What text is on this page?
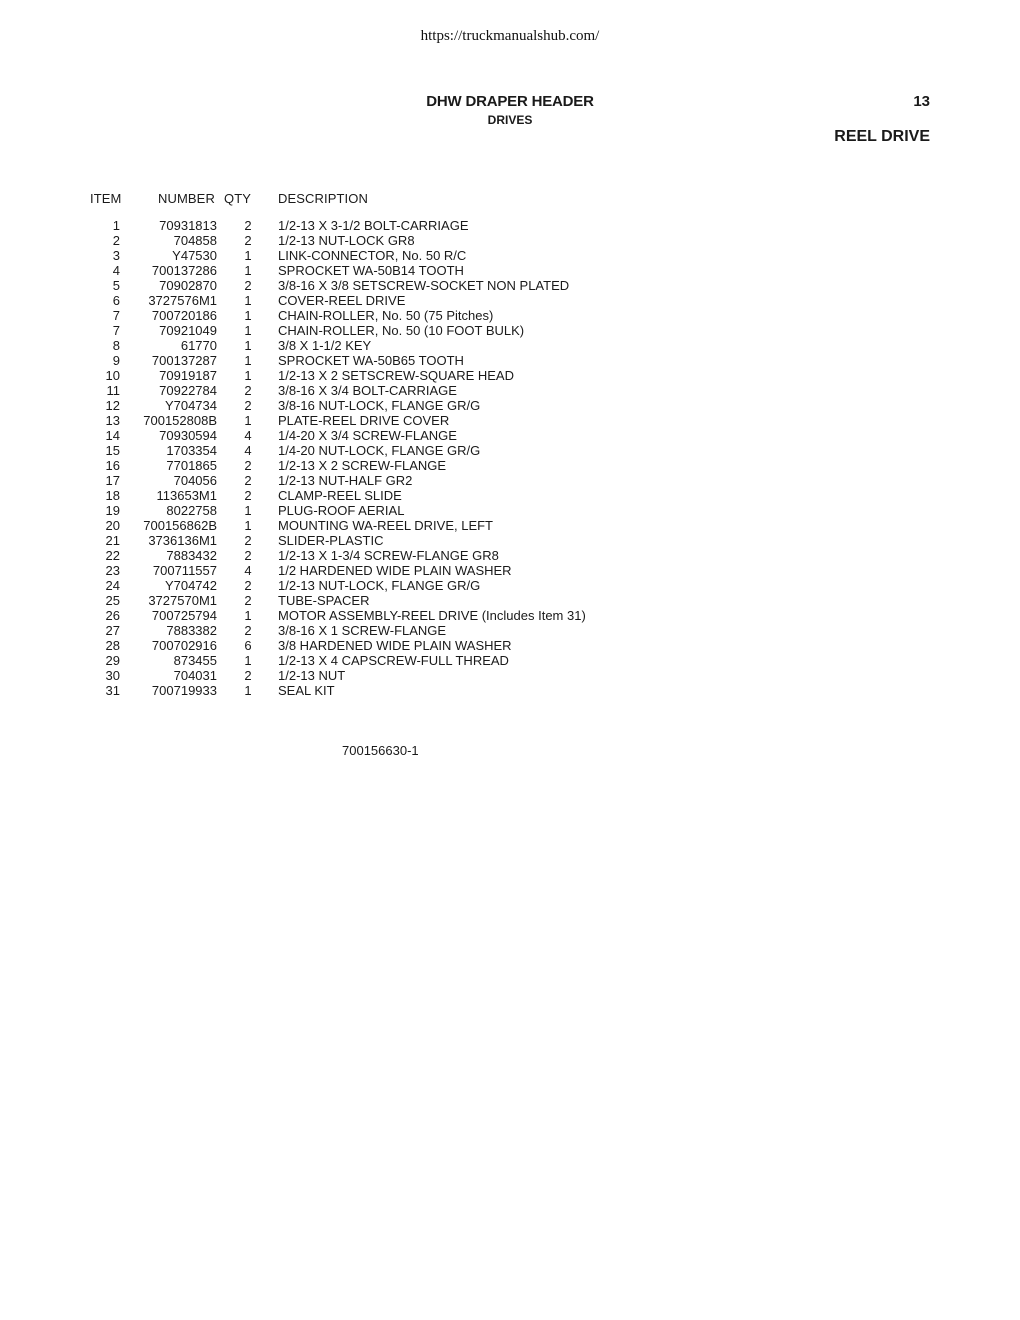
https://truckmanualshub.com/
DHW DRAPER HEADER
DRIVES
13
REEL DRIVE
ITEM	NUMBER QTY DESCRIPTION
1	70931813	2	1/2-13 X 3-1/2 BOLT-CARRIAGE
2	704858	2	1/2-13 NUT-LOCK GR8
3	Y47530	1	LINK-CONNECTOR, No. 50 R/C
4	700137286	1	SPROCKET WA-50B14 TOOTH
5	70902870	2	3/8-16 X 3/8 SETSCREW-SOCKET NON PLATED
6	3727576M1	1	COVER-REEL DRIVE
7	700720186	1	CHAIN-ROLLER, No. 50 (75 Pitches)
7	70921049	1	CHAIN-ROLLER, No. 50 (10 FOOT BULK)
8	61770	1	3/8 X 1-1/2 KEY
9	700137287	1	SPROCKET WA-50B65 TOOTH
10	70919187	1	1/2-13 X 2 SETSCREW-SQUARE HEAD
11	70922784	2	3/8-16 X 3/4 BOLT-CARRIAGE
12	Y704734	2	3/8-16 NUT-LOCK, FLANGE GR/G
13	700152808B	1	PLATE-REEL DRIVE COVER
14	70930594	4	1/4-20 X 3/4 SCREW-FLANGE
15	1703354	4	1/4-20 NUT-LOCK, FLANGE GR/G
16	7701865	2	1/2-13 X 2 SCREW-FLANGE
17	704056	2	1/2-13 NUT-HALF GR2
18	113653M1	2	CLAMP-REEL SLIDE
19	8022758	1	PLUG-ROOF AERIAL
20	700156862B	1	MOUNTING WA-REEL DRIVE, LEFT
21	3736136M1	2	SLIDER-PLASTIC
22	7883432	2	1/2-13 X 1-3/4 SCREW-FLANGE GR8
23	700711557	4	1/2 HARDENED WIDE PLAIN WASHER
24	Y704742	2	1/2-13 NUT-LOCK, FLANGE GR/G
25	3727570M1	2	TUBE-SPACER
26	700725794	1	MOTOR ASSEMBLY-REEL DRIVE (Includes Item 31)
27	7883382	2	3/8-16 X 1 SCREW-FLANGE
28	700702916	6	3/8 HARDENED WIDE PLAIN WASHER
29	873455	1	1/2-13 X 4 CAPSCREW-FULL THREAD
30	704031	2	1/2-13 NUT
31	700719933	1	SEAL KIT
700156630-1
